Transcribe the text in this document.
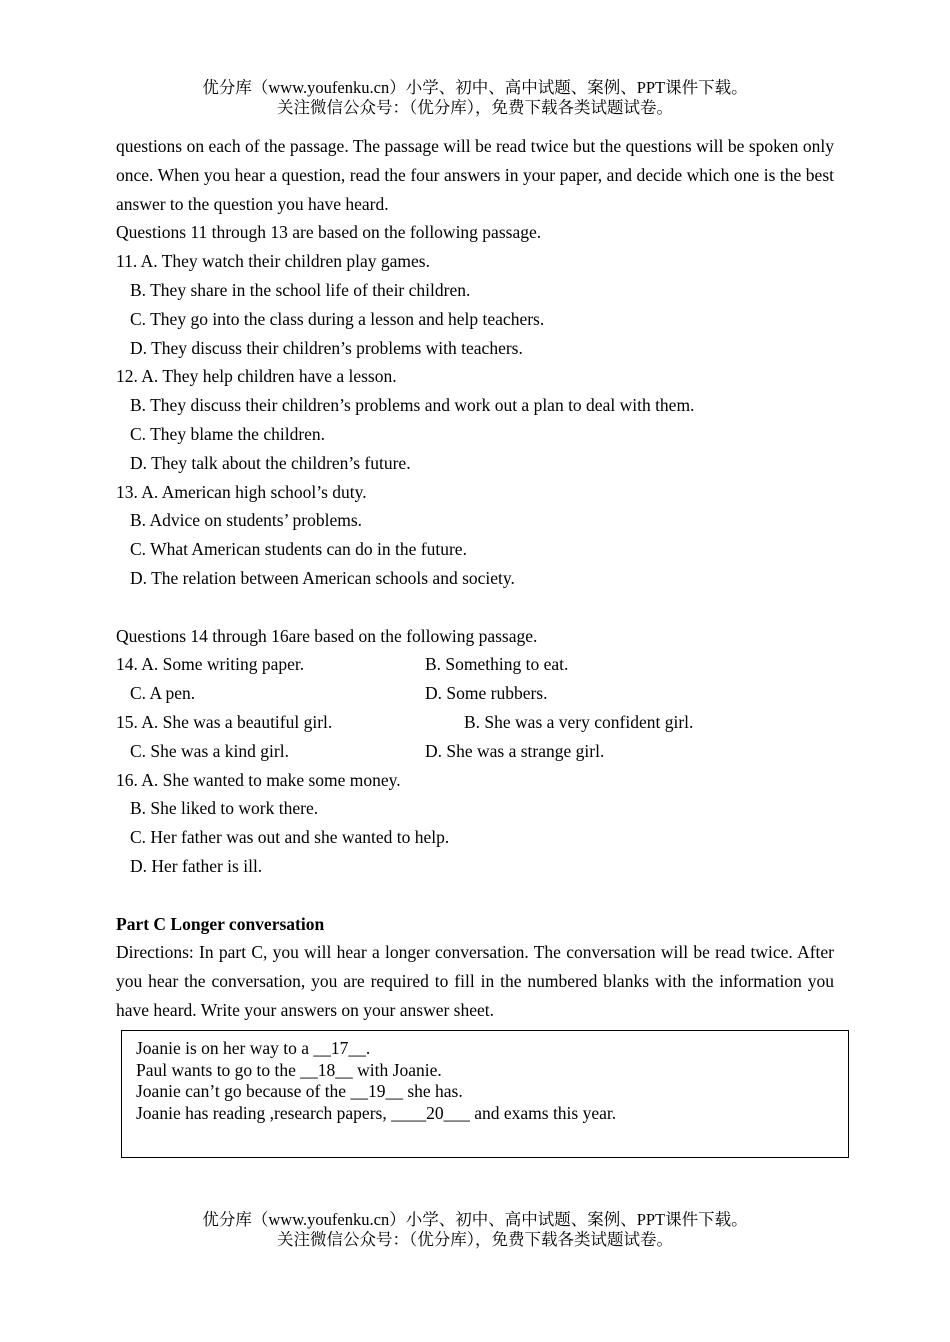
优分库（www.youfenku.cn）小学、初中、高中试题、案例、PPT课件下载。
关注微信公众号：（优分库），免费下载各类试题试卷。
questions on each of the passage. The passage will be read twice but the questions will be spoken only once. When you hear a question, read the four answers in your paper, and decide which one is the best answer to the question you have heard.
Questions 11 through 13 are based on the following passage.
11. A. They watch their children play games.
B. They share in the school life of their children.
C. They go into the class during a lesson and help teachers.
D. They discuss their children’s problems with teachers.
12. A. They help children have a lesson.
B. They discuss their children’s problems and work out a plan to deal with them.
C. They blame the children.
D. They talk about the children’s future.
13. A. American high school’s duty.
B. Advice on students’ problems.
C. What American students can do in the future.
D. The relation between American schools and society.
Questions 14 through 16are based on the following passage.
14. A. Some writing paper.	B. Something to eat.
C. A pen.	D. Some rubbers.
15. A. She was a beautiful girl.	B. She was a very confident girl.
C. She was a kind girl.	D. She was a strange girl.
16. A. She wanted to make some money.
B. She liked to work there.
C. Her father was out and she wanted to help.
D. Her father is ill.
Part C Longer conversation
Directions: In part C, you will hear a longer conversation. The conversation will be read twice. After you hear the conversation, you are required to fill in the numbered blanks with the information you have heard. Write your answers on your answer sheet.
Joanie is on her way to a __17__.
Paul wants to go to the __18__ with Joanie.
Joanie can’t go because of the __19__ she has.
Joanie has reading ,research papers, ____20___ and exams this year.
优分库（www.youfenku.cn）小学、初中、高中试题、案例、PPT课件下载。
关注微信公众号：（优分库），免费下载各类试题试卷。
